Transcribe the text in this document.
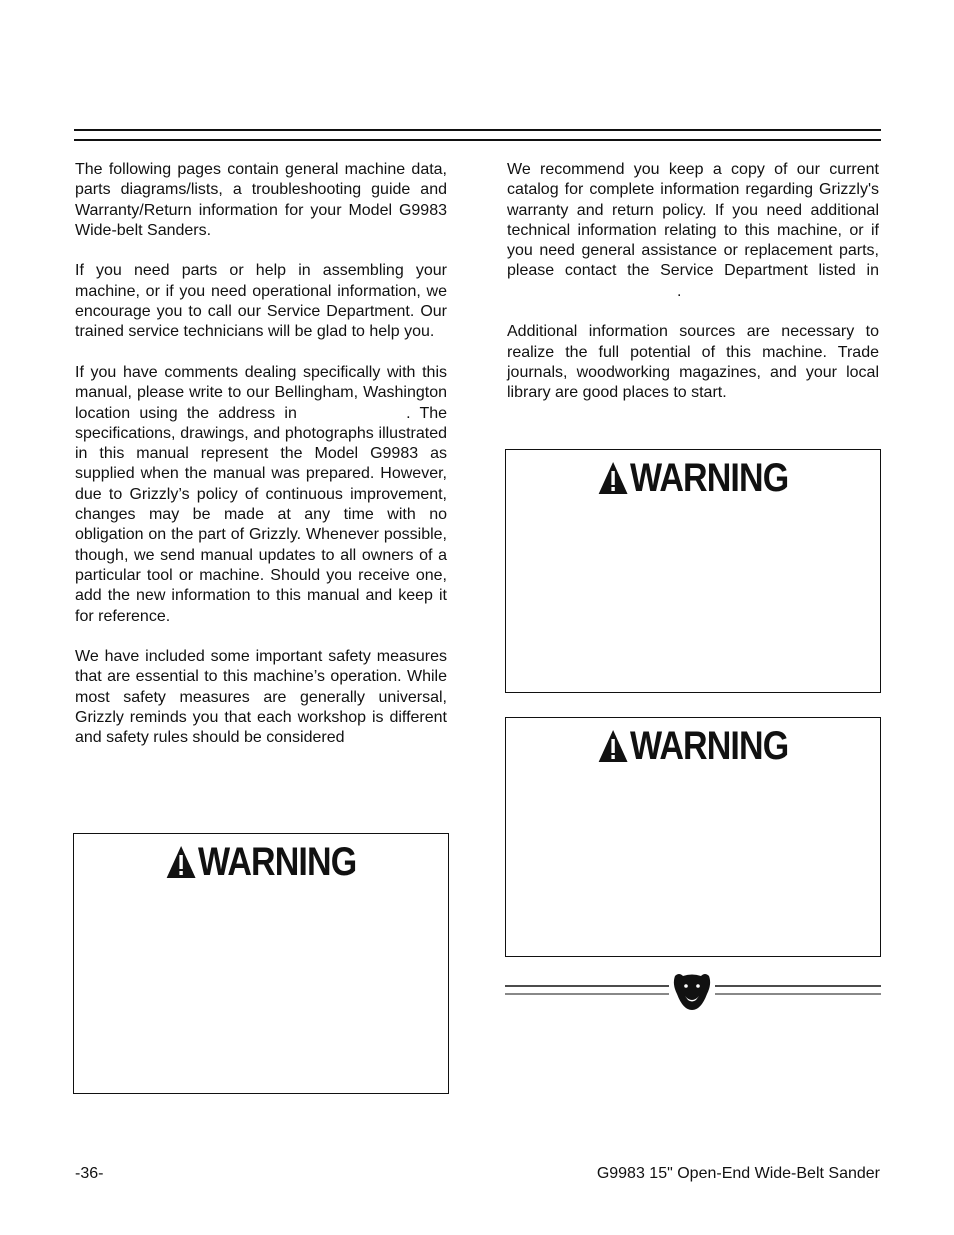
The following pages contain general machine data, parts diagrams/lists, a troubleshooting guide and Warranty/Return information for your Model G9983 Wide-belt Sanders.

If you need parts or help in assembling your machine, or if you need operational information, we encourage you to call our Service Department. Our trained service technicians will be glad to help you.

If you have comments dealing specifically with this manual, please write to our Bellingham, Washington location using the address in	. The specifications, drawings, and photographs illustrated in this manual represent the Model G9983 as supplied when the manual was prepared. However, due to Grizzly’s policy of continuous improvement, changes may be made at any time with no obligation on the part of Grizzly. Whenever possible, though, we send manual updates to all owners of a particular tool or machine. Should you receive one, add the new information to this manual and keep it for reference.

We have included some important safety measures that are essential to this machine’s operation. While most safety measures are generally universal, Grizzly reminds you that each workshop is different and safety rules should be considered

We recommend you keep a copy of our current catalog for complete information regarding Grizzly's warranty and return policy. If you need additional technical information relating to this machine, or if you need general assistance or replacement parts, please contact the Service Department listed in .

Additional information sources are necessary to realize the full potential of this machine. Trade journals, woodworking magazines, and your local library are good places to start.

WARNING
WARNING
WARNING
-36-	G9983 15" Open-End Wide-Belt Sander
